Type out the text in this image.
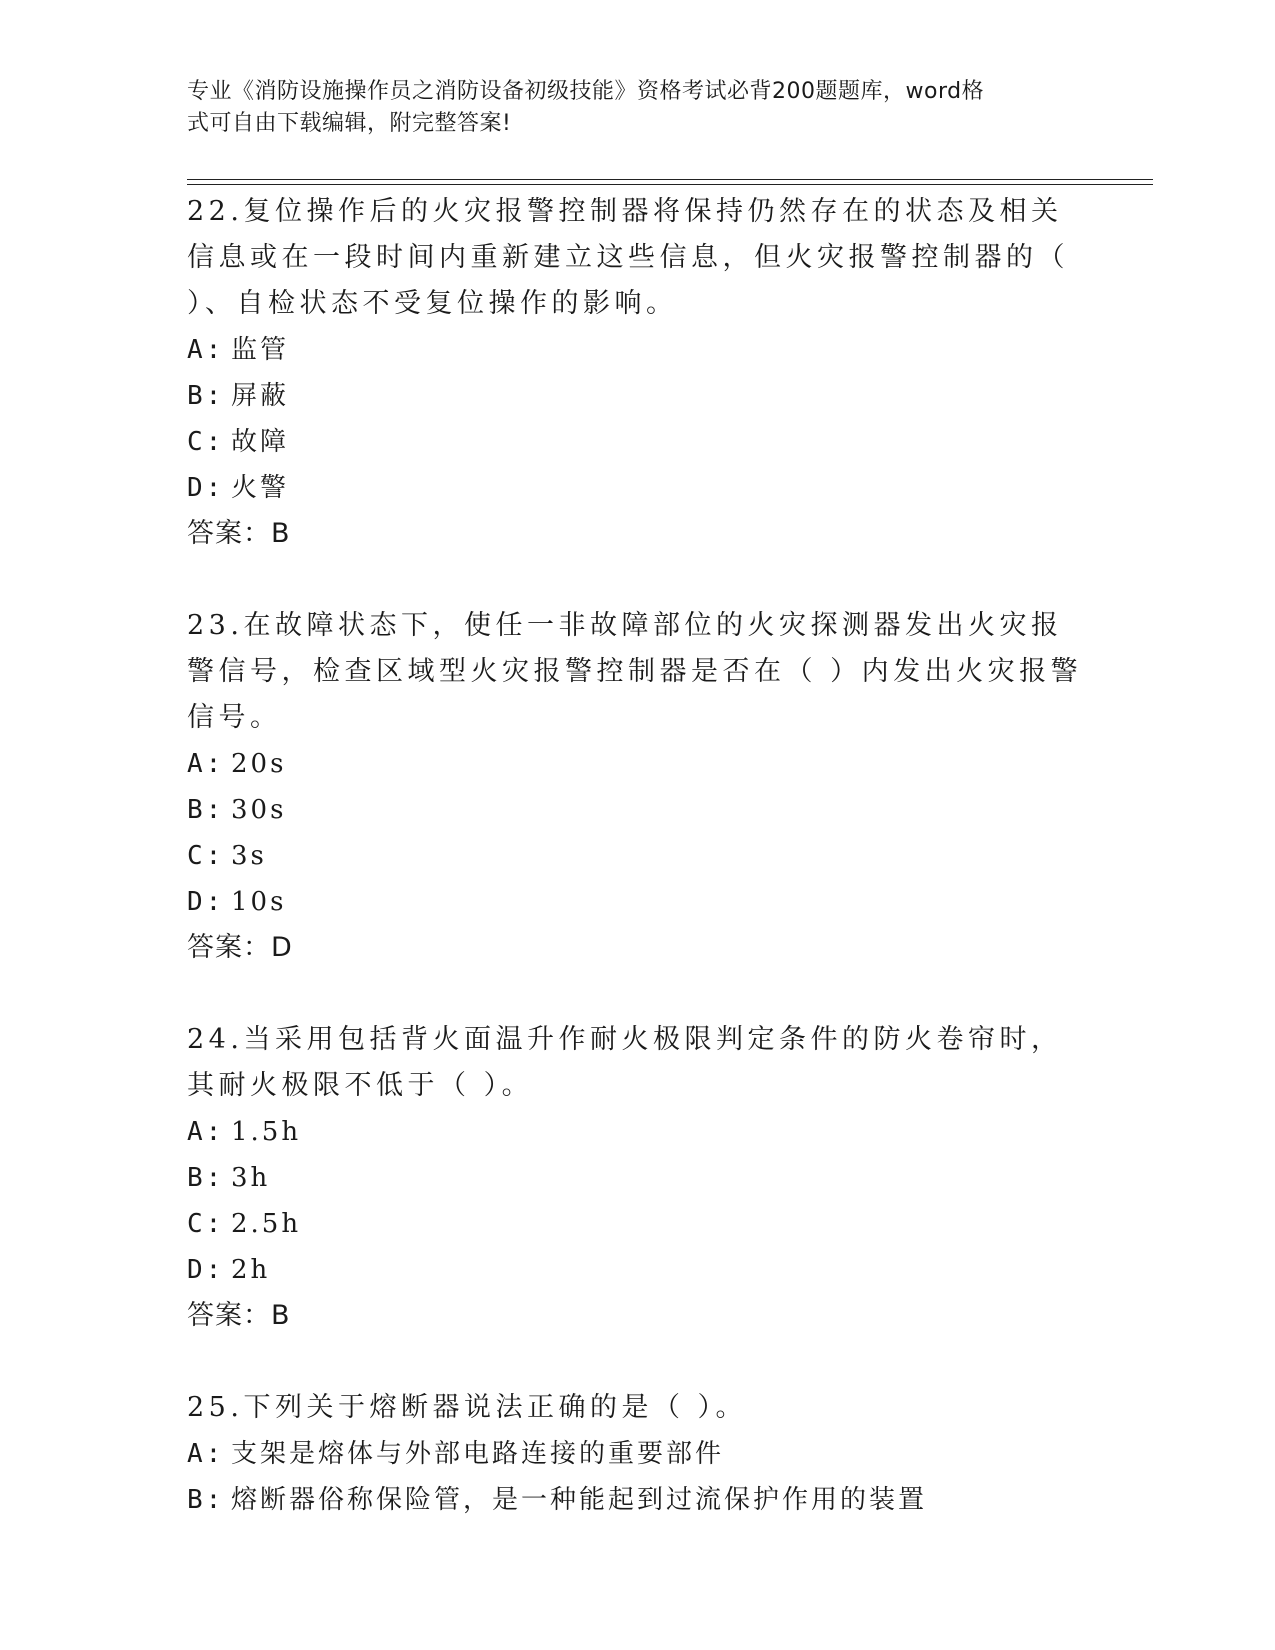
专业《消防设施操作员之消防设备初级技能》资格考试必背200题题库，word格
式可自由下载编辑，附完整答案!
22.复位操作后的火灾报警控制器将保持仍然存在的状态及相关信息或在一段时间内重新建立这些信息，但火灾报警控制器的（ ）、自检状态不受复位操作的影响。
A: 监管
B: 屏蔽
C: 故障
D: 火警
答案：B
23.在故障状态下，使任一非故障部位的火灾探测器发出火灾报警信号，检查区域型火灾报警控制器是否在（ ）内发出火灾报警信号。
A: 20s
B: 30s
C: 3s
D: 10s
答案：D
24.当采用包括背火面温升作耐火极限判定条件的防火卷帘时，其耐火极限不低于（ ）。
A: 1.5h
B: 3h
C: 2.5h
D: 2h
答案：B
25.下列关于熔断器说法正确的是（ ）。
A: 支架是熔体与外部电路连接的重要部件
B: 熔断器俗称保险管，是一种能起到过流保护作用的装置
